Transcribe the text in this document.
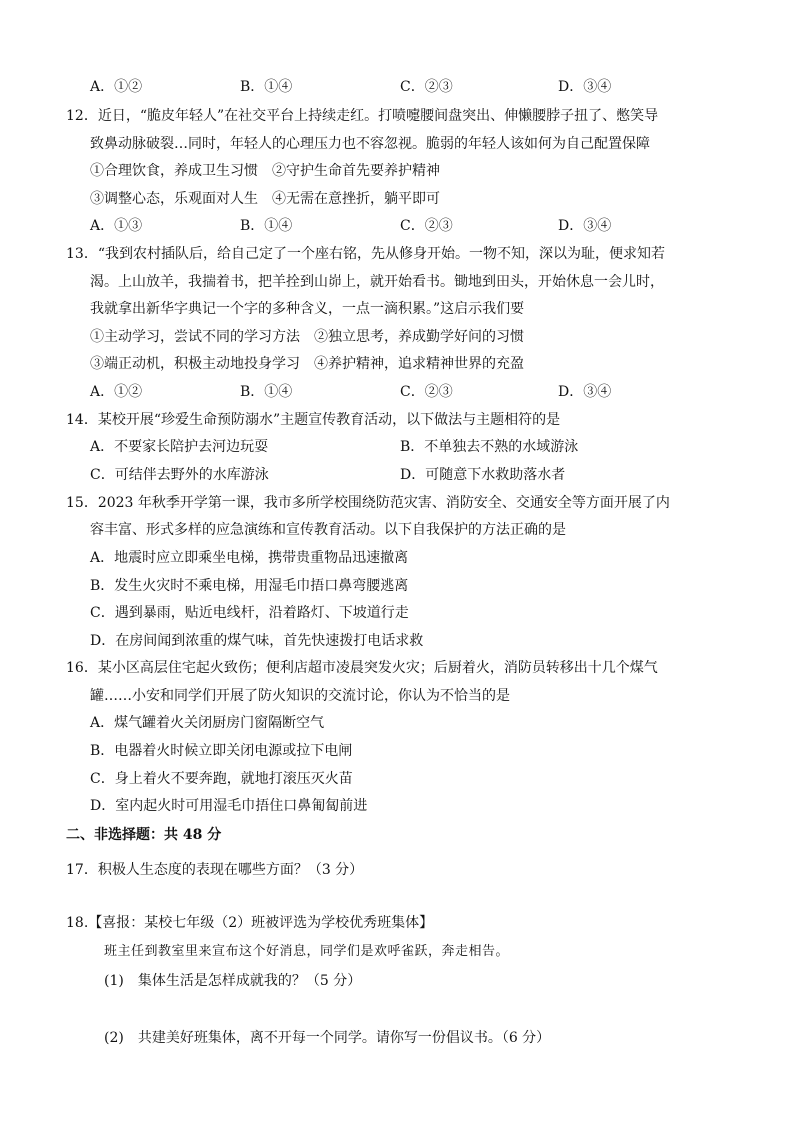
A．①②	B．①④	C．②③	D．③④
12．近日，“脆皮年轻人”在社交平台上持续走红。打喷嚏腰间盘突出、伸懒腰脖子扭了、憋笑导
致鼻动脉破裂…同时，年轻人的心理压力也不容忽视。脆弱的年轻人该如何为自己配置保障
①合理饮食，养成卫生习惯　②守护生命首先要养护精神
③调整心态，乐观面对人生　④无需在意挫折，躺平即可
A．①③	B．①④	C．②③	D．③④
13．“我到农村插队后，给自己定了一个座右铭，先从修身开始。一物不知，深以为耻，便求知若
渴。上山放羊，我揣着书，把羊拴到山峁上，就开始看书。锄地到田头，开始休息一会儿时，
我就拿出新华字典记一个字的多种含义，一点一滴积累。”这启示我们要
①主动学习，尝试不同的学习方法　②独立思考，养成勤学好问的习惯
③端正动机，积极主动地投身学习　④养护精神，追求精神世界的充盈
A．①②	B．①④	C．②③	D．③④
14．某校开展“珍爱生命预防溺水”主题宣传教育活动，以下做法与主题相符的是
A．不要家长陪护去河边玩耍	B．不单独去不熟的水域游泳
C．可结伴去野外的水库游泳	D．可随意下水救助落水者
15．2023 年秋季开学第一课，我市多所学校围绕防范灾害、消防安全、交通安全等方面开展了内
容丰富、形式多样的应急演练和宣传教育活动。以下自我保护的方法正确的是
A．地震时应立即乘坐电梯，携带贵重物品迅速撤离
B．发生火灾时不乘电梯，用湿毛巾捂口鼻弯腰逃离
C．遇到暴雨，贴近电线杆，沿着路灯、下坡道行走
D．在房间闻到浓重的煤气味，首先快速拨打电话求救
16．某小区高层住宅起火致伤；便利店超市凌晨突发火灾；后厨着火，消防员转移出十几个煤气
罐……小安和同学们开展了防火知识的交流讨论，你认为不恰当的是
A．煤气罐着火关闭厨房门窗隔断空气
B．电器着火时候立即关闭电源或拉下电闸
C．身上着火不要奔跑，就地打滚压灭火苗
D．室内起火时可用湿毛巾捂住口鼻匍匐前进
二、非选择题：共 48 分
17．积极人生态度的表现在哪些方面？（3 分）
18.【喜报：某校七年级（2）班被评选为学校优秀班集体】
班主任到教室里来宣布这个好消息，同学们是欢呼雀跃，奔走相告。
(1)　集体生活是怎样成就我的？（5 分）
(2)　共建美好班集体，离不开每一个同学。请你写一份倡议书。（6 分）
